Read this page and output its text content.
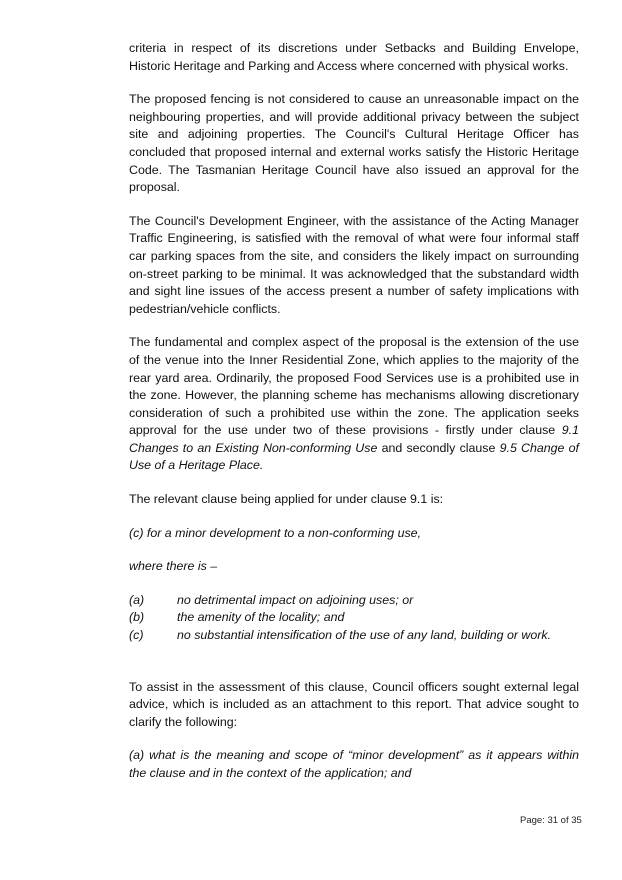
criteria in respect of its discretions under Setbacks and Building Envelope, Historic Heritage and Parking and Access where concerned with physical works.

The proposed fencing is not considered to cause an unreasonable impact on the neighbouring properties, and will provide additional privacy between the subject site and adjoining properties. The Council's Cultural Heritage Officer has concluded that proposed internal and external works satisfy the Historic Heritage Code. The Tasmanian Heritage Council have also issued an approval for the proposal.

The Council's Development Engineer, with the assistance of the Acting Manager Traffic Engineering, is satisfied with the removal of what were four informal staff car parking spaces from the site, and considers the likely impact on surrounding on-street parking to be minimal. It was acknowledged that the substandard width and sight line issues of the access present a number of safety implications with pedestrian/vehicle conflicts.

The fundamental and complex aspect of the proposal is the extension of the use of the venue into the Inner Residential Zone, which applies to the majority of the rear yard area. Ordinarily, the proposed Food Services use is a prohibited use in the zone. However, the planning scheme has mechanisms allowing discretionary consideration of such a prohibited use within the zone. The application seeks approval for the use under two of these provisions - firstly under clause 9.1 Changes to an Existing Non-conforming Use and secondly clause 9.5 Change of Use of a Heritage Place.

The relevant clause being applied for under clause 9.1 is:

(c) for a minor development to a non-conforming use,

where there is –

(a)	no detrimental impact on adjoining uses; or
(b)	the amenity of the locality; and
(c)	no substantial intensification of the use of any land, building or work.

To assist in the assessment of this clause, Council officers sought external legal advice, which is included as an attachment to this report. That advice sought to clarify the following:

(a) what is the meaning and scope of “minor development” as it appears within the clause and in the context of the application; and

Page: 31 of 35
